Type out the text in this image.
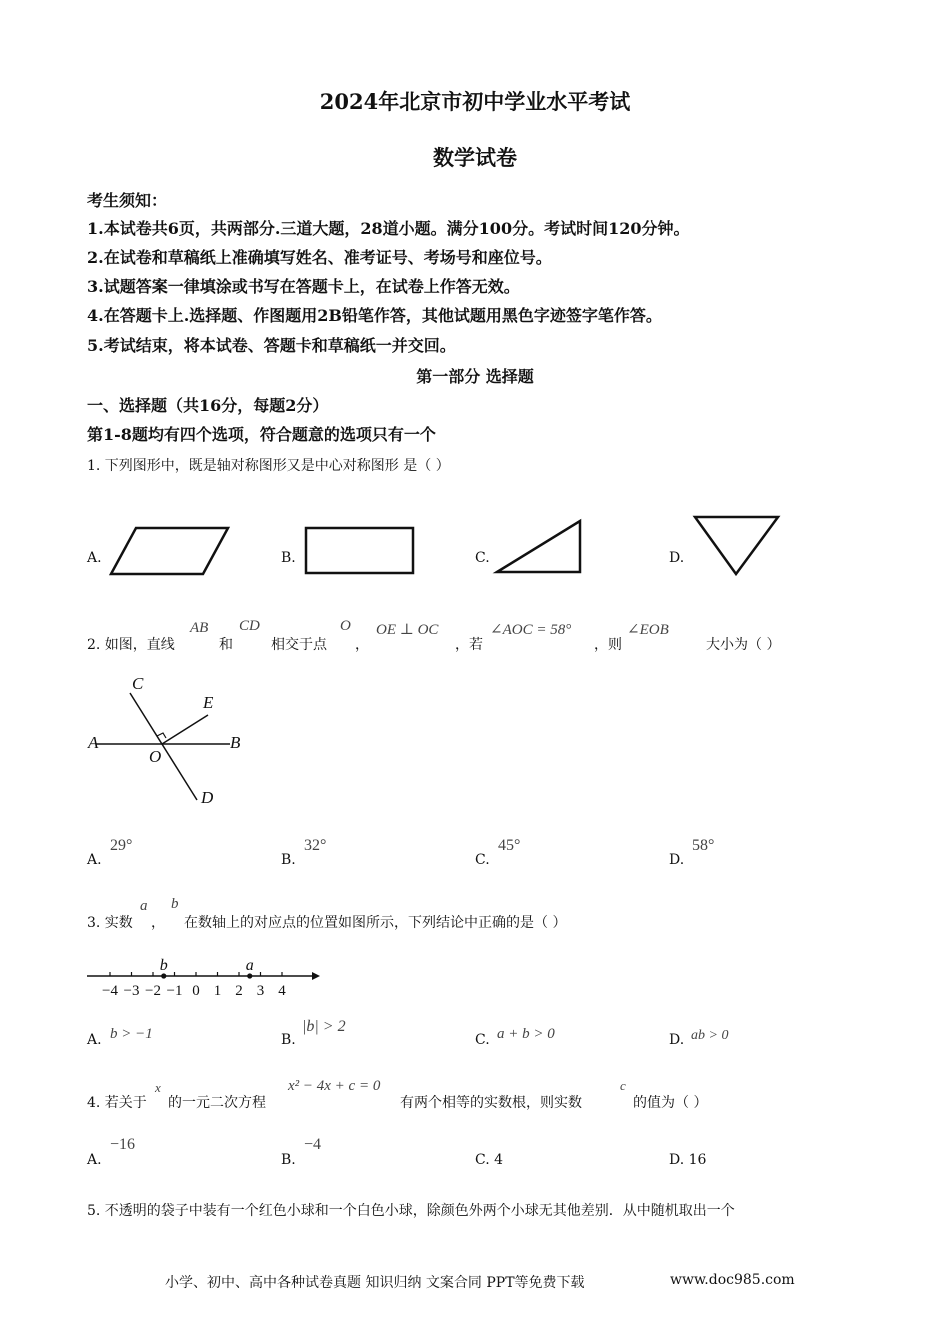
2024年北京市初中学业水平考试
数学试卷
考生须知：
1.本试卷共6页，共两部分.三道大题，28道小题。满分100分。考试时间120分钟。
2.在试卷和草稿纸上准确填写姓名、准考证号、考场号和座位号。
3.试题答案一律填涂或书写在答题卡上，在试卷上作答无效。
4.在答题卡上.选择题、作图题用2B铅笔作答，其他试题用黑色字迹签字笔作答。
5.考试结束，将本试卷、答题卡和草稿纸一并交回。
第一部分 选择题
一、选择题（共16分，每题2分）
第1-8题均有四个选项，符合题意的选项只有一个
1. 下列图形中，既是轴对称图形又是中心对称图形 是（ ）
A.	B.	C.	D.
2. 如图，直线
AB
和
CD
相交于点
O
，
OE ⊥ OC
，若
∠AOC = 58°
，则
∠EOB
大小为（ ）
A	B
C
D
E
O
A.
29°
B.
32°
C.
45°
D.
58°
3. 实数
a
，
b
在数轴上的对应点的位置如图所示，下列结论中正确的是（ ）
−4 −3 −2 −1 0 1 2 3 4
b	a
A. b > −1	B.
|b| > 2
C. a + b > 0	D. ab > 0
4. 若关于
x
的一元二次方程
x² − 4x + c = 0
有两个相等的实数根，则实数
c
的值为（ ）
A.
−16
B.
−4
C. 4	D. 16
5. 不透明的袋子中装有一个红色小球和一个白色小球，除颜色外两个小球无其他差别．从中随机取出一个
小学、初中、高中各种试卷真题 知识归纳 文案合同 PPT等免费下载	www.doc985.com
